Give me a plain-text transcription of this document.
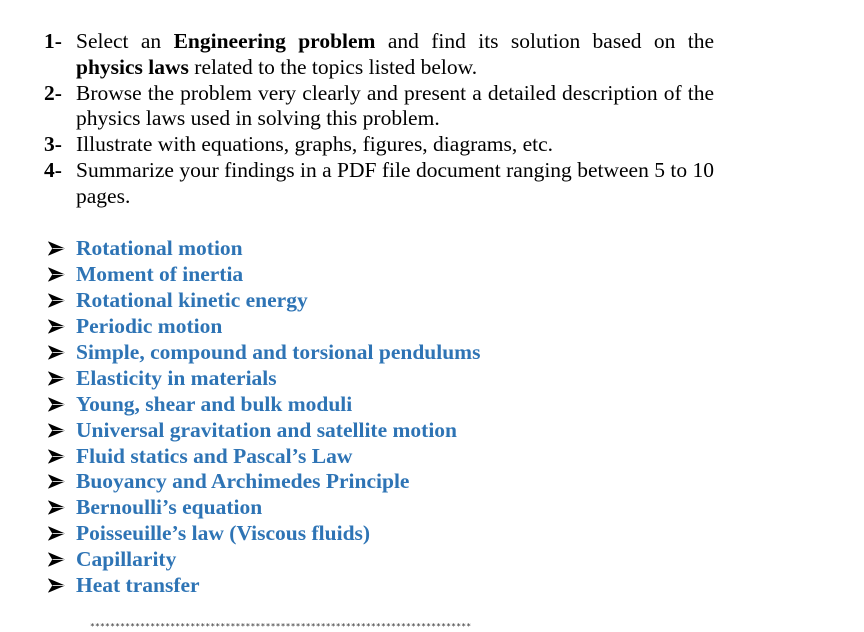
1- Select an Engineering problem and find its solution based on the physics laws related to the topics listed below.
2- Browse the problem very clearly and present a detailed description of the physics laws used in solving this problem.
3- Illustrate with equations, graphs, figures, diagrams, etc.
4- Summarize your findings in a PDF file document ranging between 5 to 10 pages.
Rotational motion
Moment of inertia
Rotational kinetic energy
Periodic motion
Simple, compound and torsional pendulums
Elasticity in materials
Young, shear and bulk moduli
Universal gravitation and satellite motion
Fluid statics and Pascal’s Law
Buoyancy and Archimedes Principle
Bernoulli’s equation
Poisseuille’s law (Viscous fluids)
Capillarity
Heat transfer
****************************************************************************
